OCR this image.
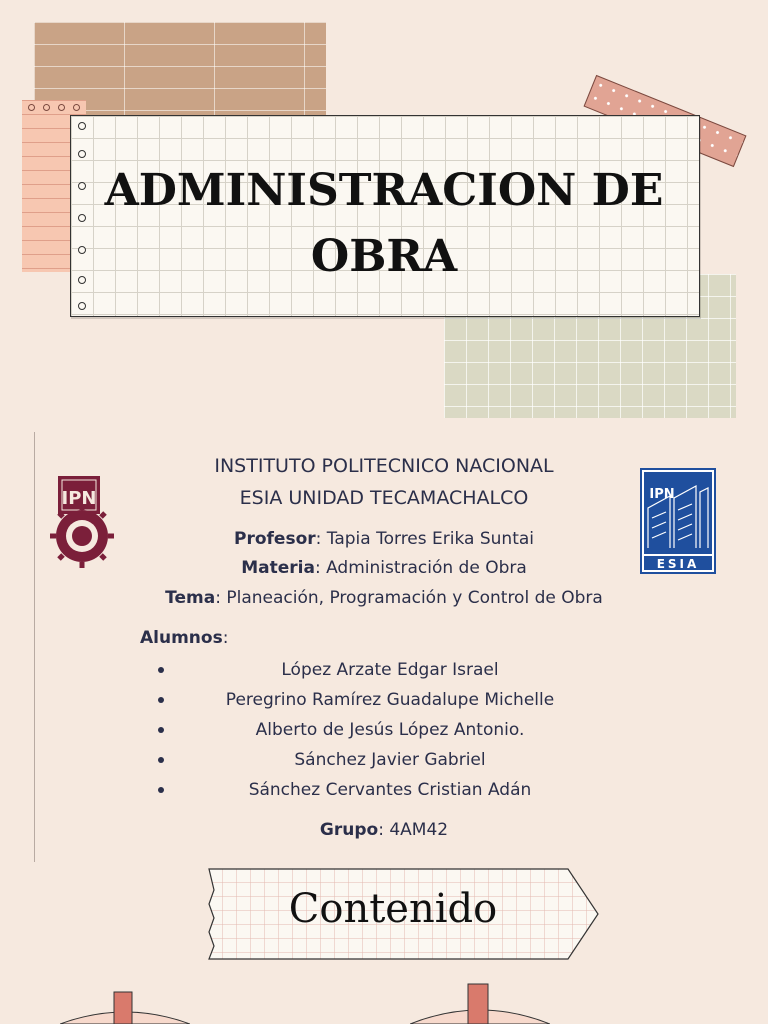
ADMINISTRACION DE
OBRA
IPN	IPN
ESIA

INSTITUTO POLITECNICO NACIONAL
ESIA UNIDAD TECAMACHALCO

Profesor: Tapia Torres Erika Suntai

Materia: Administración de Obra

Tema: Planeación, Programación y Control de Obra

Alumnos:

López Arzate Edgar Israel
Peregrino Ramírez Guadalupe Michelle
Alberto de Jesús López Antonio.
Sánchez Javier Gabriel
Sánchez Cervantes Cristian Adán

Grupo: 4AM42

Contenido
